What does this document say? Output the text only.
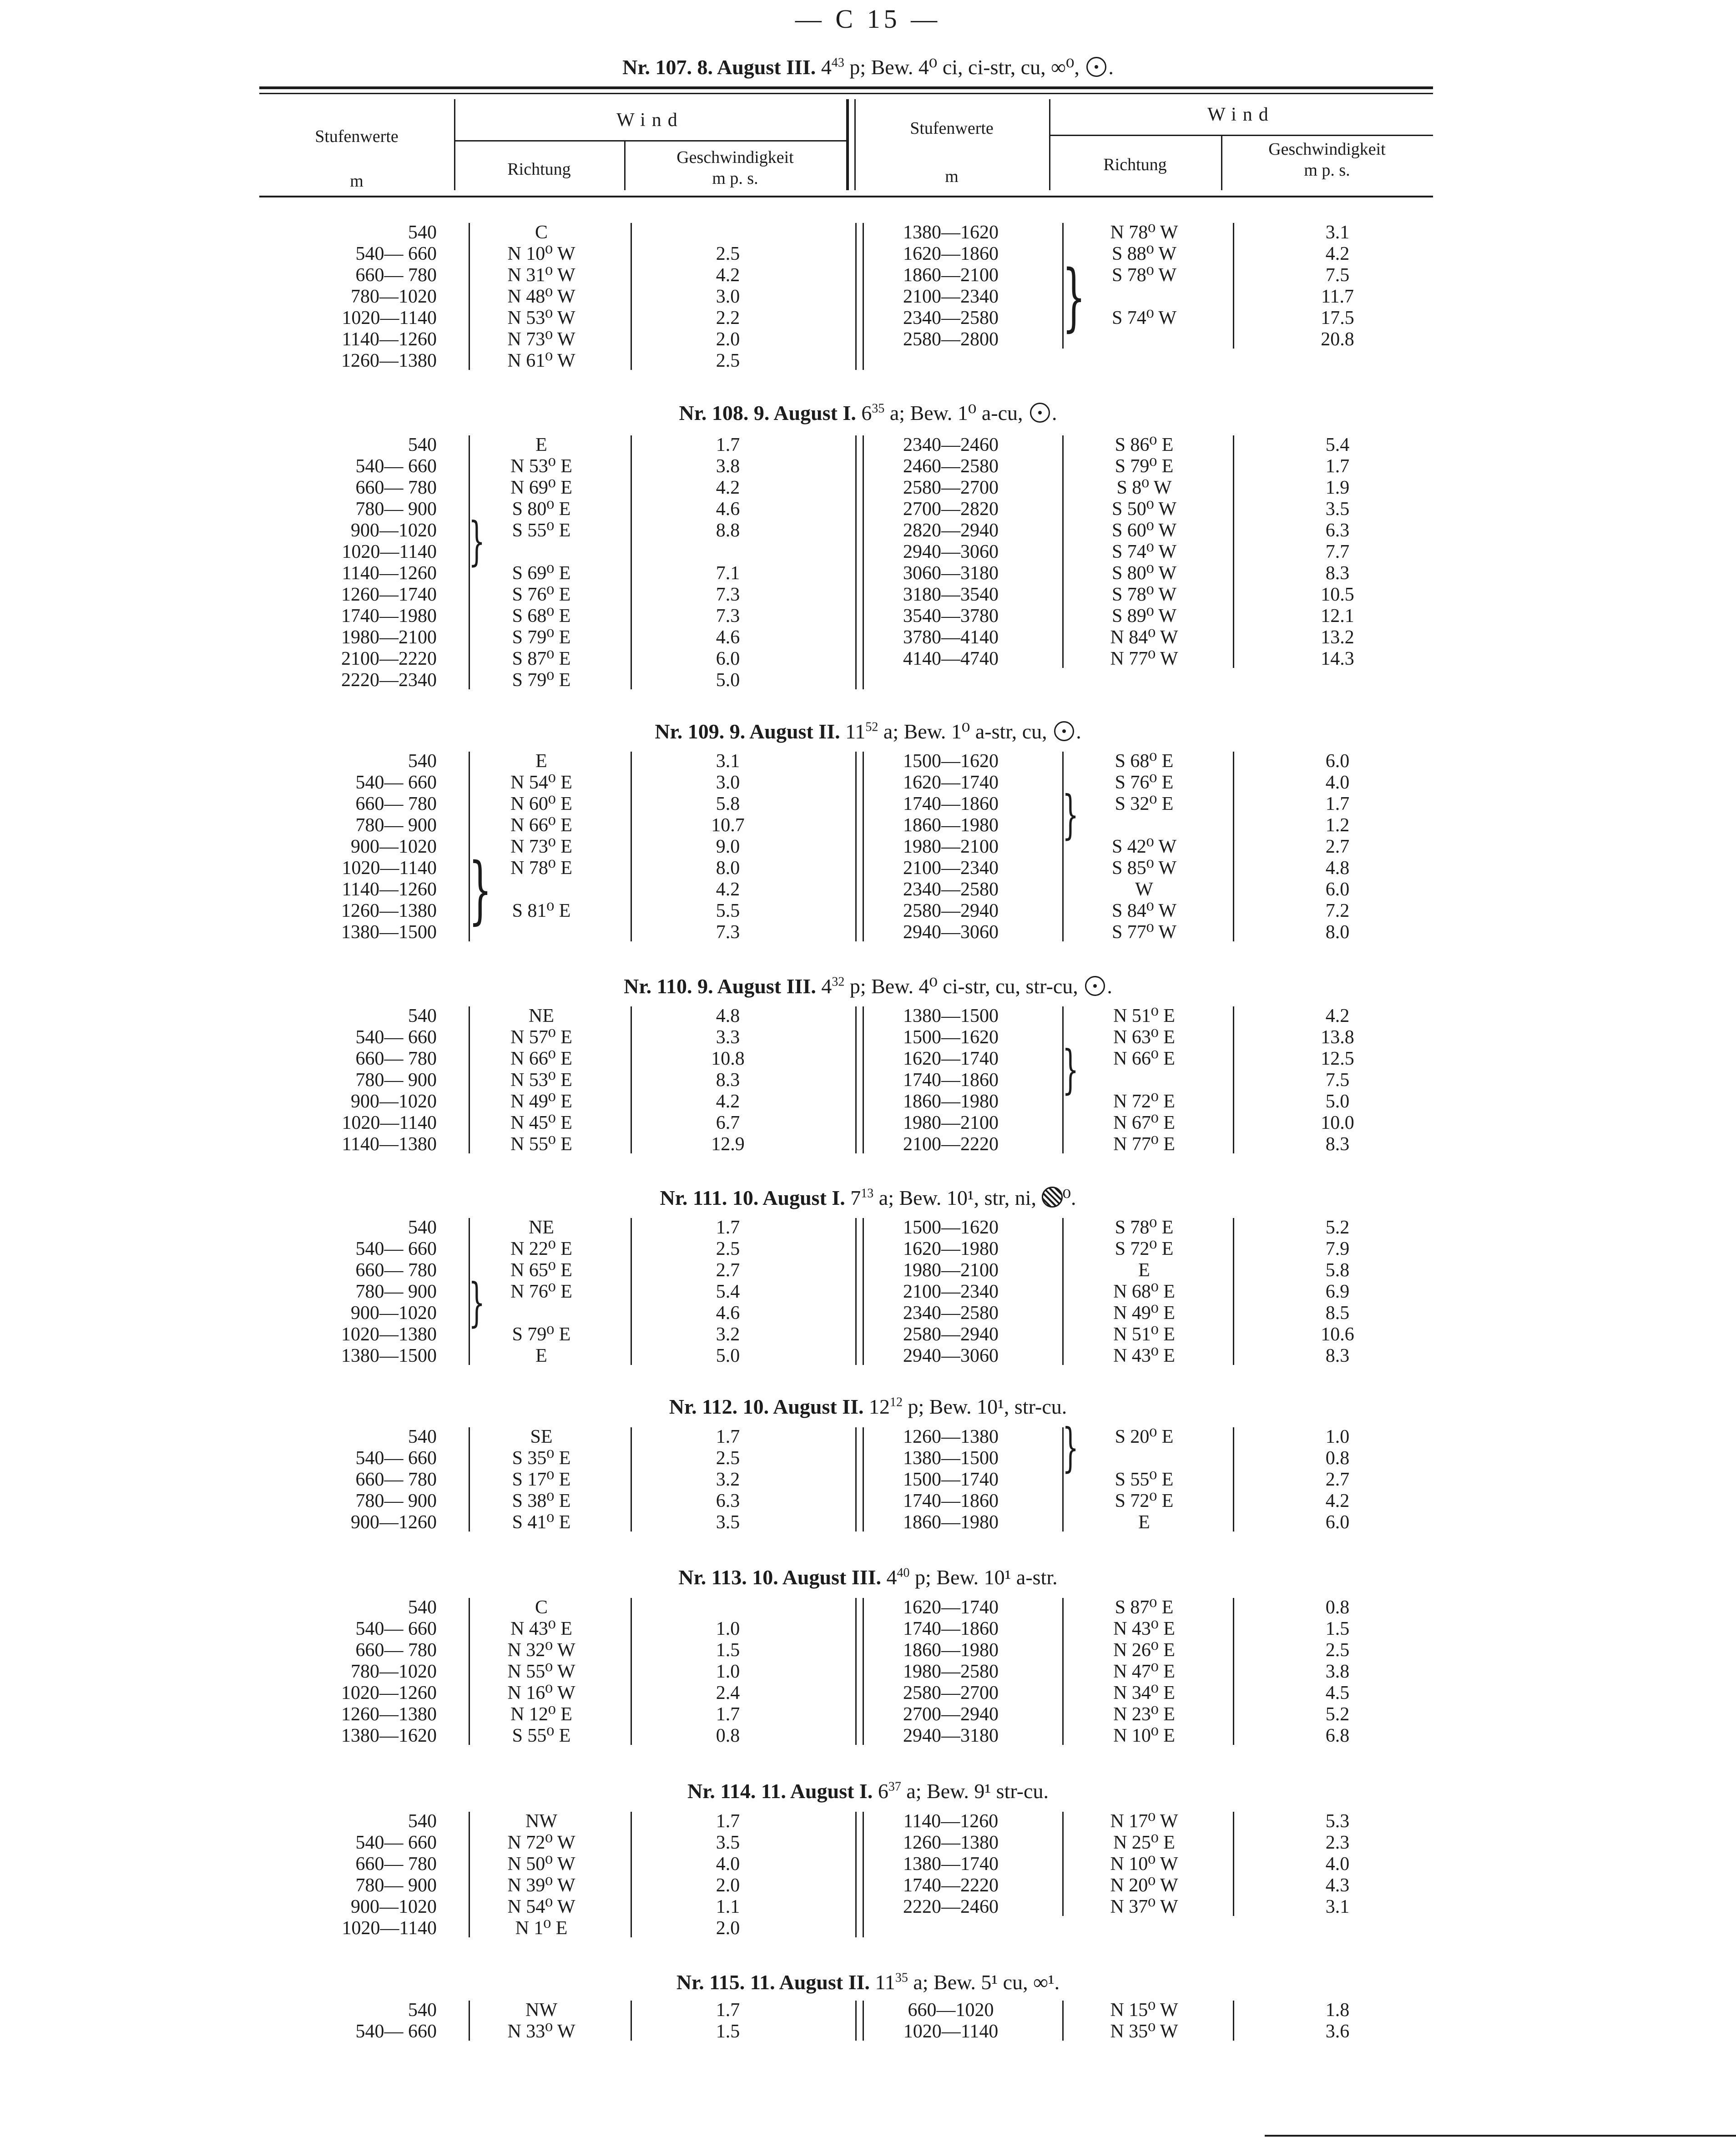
— C 15 —
Nr. 107. 8. August III. $4^{43}$ p; Bew. 4⁰ ci, ci-str, cu, ∞⁰, .
Stufenwerte
m
Wind
Richtung
Geschwindigkeit
m p. s.
Stufenwerte
m
Wind
Richtung
Geschwindigkeit
m p. s.
540
540— 660
660— 780
780—1020
1020—1140
1140—1260
1260—1380
C
N 10⁰ W
N 31⁰ W
N 48⁰ W
N 53⁰ W
N 73⁰ W
N 61⁰ W
2.5
4.2
3.0
2.2
2.0
2.5
1380—1620
1620—1860
1860—2100
2100—2340
2340—2580
2580—2800
N 78⁰ W
S 88⁰ W
S 78⁰ W
S 74⁰ W
3.1
4.2
7.5
11.7
17.5
20.8
}
Nr. 108. 9. August I. $6^{35}$ a; Bew. 1⁰ a-cu, .
540
540— 660
660— 780
780— 900
900—1020
1020—1140
1140—1260
1260—1740
1740—1980
1980—2100
2100—2220
2220—2340
E
N 53⁰ E
N 69⁰ E
S 80⁰ E
S 55⁰ E
S 69⁰ E
S 76⁰ E
S 68⁰ E
S 79⁰ E
S 87⁰ E
S 79⁰ E
1.7
3.8
4.2
4.6
8.8
7.1
7.3
7.3
4.6
6.0
5.0
2340—2460
2460—2580
2580—2700
2700—2820
2820—2940
2940—3060
3060—3180
3180—3540
3540—3780
3780—4140
4140—4740
S 86⁰ E
S 79⁰ E
S 8⁰ W
S 50⁰ W
S 60⁰ W
S 74⁰ W
S 80⁰ W
S 78⁰ W
S 89⁰ W
N 84⁰ W
N 77⁰ W
5.4
1.7
1.9
3.5
6.3
7.7
8.3
10.5
12.1
13.2
14.3
}
Nr. 109. 9. August II. $11^{52}$ a; Bew. 1⁰ a-str, cu, .
540
540— 660
660— 780
780— 900
900—1020
1020—1140
1140—1260
1260—1380
1380—1500
E
N 54⁰ E
N 60⁰ E
N 66⁰ E
N 73⁰ E
N 78⁰ E
S 81⁰ E
3.1
3.0
5.8
10.7
9.0
8.0
4.2
5.5
7.3
1500—1620
1620—1740
1740—1860
1860—1980
1980—2100
2100—2340
2340—2580
2580—2940
2940—3060
S 68⁰ E
S 76⁰ E
S 32⁰ E
S 42⁰ W
S 85⁰ W
W
S 84⁰ W
S 77⁰ W
6.0
4.0
1.7
1.2
2.7
4.8
6.0
7.2
8.0
}
}
Nr. 110. 9. August III. $4^{32}$ p; Bew. 4⁰ ci-str, cu, str-cu, .
540
540— 660
660— 780
780— 900
900—1020
1020—1140
1140—1380
NE
N 57⁰ E
N 66⁰ E
N 53⁰ E
N 49⁰ E
N 45⁰ E
N 55⁰ E
4.8
3.3
10.8
8.3
4.2
6.7
12.9
1380—1500
1500—1620
1620—1740
1740—1860
1860—1980
1980—2100
2100—2220
N 51⁰ E
N 63⁰ E
N 66⁰ E
N 72⁰ E
N 67⁰ E
N 77⁰ E
4.2
13.8
12.5
7.5
5.0
10.0
8.3
}
Nr. 111. 10. August I. $7^{13}$ a; Bew. 10¹, str, ni, ⁰.
540
540— 660
660— 780
780— 900
900—1020
1020—1380
1380—1500
NE
N 22⁰ E
N 65⁰ E
N 76⁰ E
S 79⁰ E
E
1.7
2.5
2.7
5.4
4.6
3.2
5.0
1500—1620
1620—1980
1980—2100
2100—2340
2340—2580
2580—2940
2940—3060
S 78⁰ E
S 72⁰ E
E
N 68⁰ E
N 49⁰ E
N 51⁰ E
N 43⁰ E
5.2
7.9
5.8
6.9
8.5
10.6
8.3
}
Nr. 112. 10. August II. $12^{12}$ p; Bew. 10¹, str-cu.
540
540— 660
660— 780
780— 900
900—1260
SE
S 35⁰ E
S 17⁰ E
S 38⁰ E
S 41⁰ E
1.7
2.5
3.2
6.3
3.5
1260—1380
1380—1500
1500—1740
1740—1860
1860—1980
S 20⁰ E
S 55⁰ E
S 72⁰ E
E
1.0
0.8
2.7
4.2
6.0
}
Nr. 113. 10. August III. $4^{40}$ p; Bew. 10¹ a-str.
540
540— 660
660— 780
780—1020
1020—1260
1260—1380
1380—1620
C
N 43⁰ E
N 32⁰ W
N 55⁰ W
N 16⁰ W
N 12⁰ E
S 55⁰ E
1.0
1.5
1.0
2.4
1.7
0.8
1620—1740
1740—1860
1860—1980
1980—2580
2580—2700
2700—2940
2940—3180
S 87⁰ E
N 43⁰ E
N 26⁰ E
N 47⁰ E
N 34⁰ E
N 23⁰ E
N 10⁰ E
0.8
1.5
2.5
3.8
4.5
5.2
6.8
Nr. 114. 11. August I. $6^{37}$ a; Bew. 9¹ str-cu.
540
540— 660
660— 780
780— 900
900—1020
1020—1140
NW
N 72⁰ W
N 50⁰ W
N 39⁰ W
N 54⁰ W
N 1⁰ E
1.7
3.5
4.0
2.0
1.1
2.0
1140—1260
1260—1380
1380—1740
1740—2220
2220—2460
N 17⁰ W
N 25⁰ E
N 10⁰ W
N 20⁰ W
N 37⁰ W
5.3
2.3
4.0
4.3
3.1
Nr. 115. 11. August II. $11^{35}$ a; Bew. 5¹ cu, ∞¹.
540
540— 660
NW
N 33⁰ W
1.7
1.5
660—1020
1020—1140
N 15⁰ W
N 35⁰ W
1.8
3.6
